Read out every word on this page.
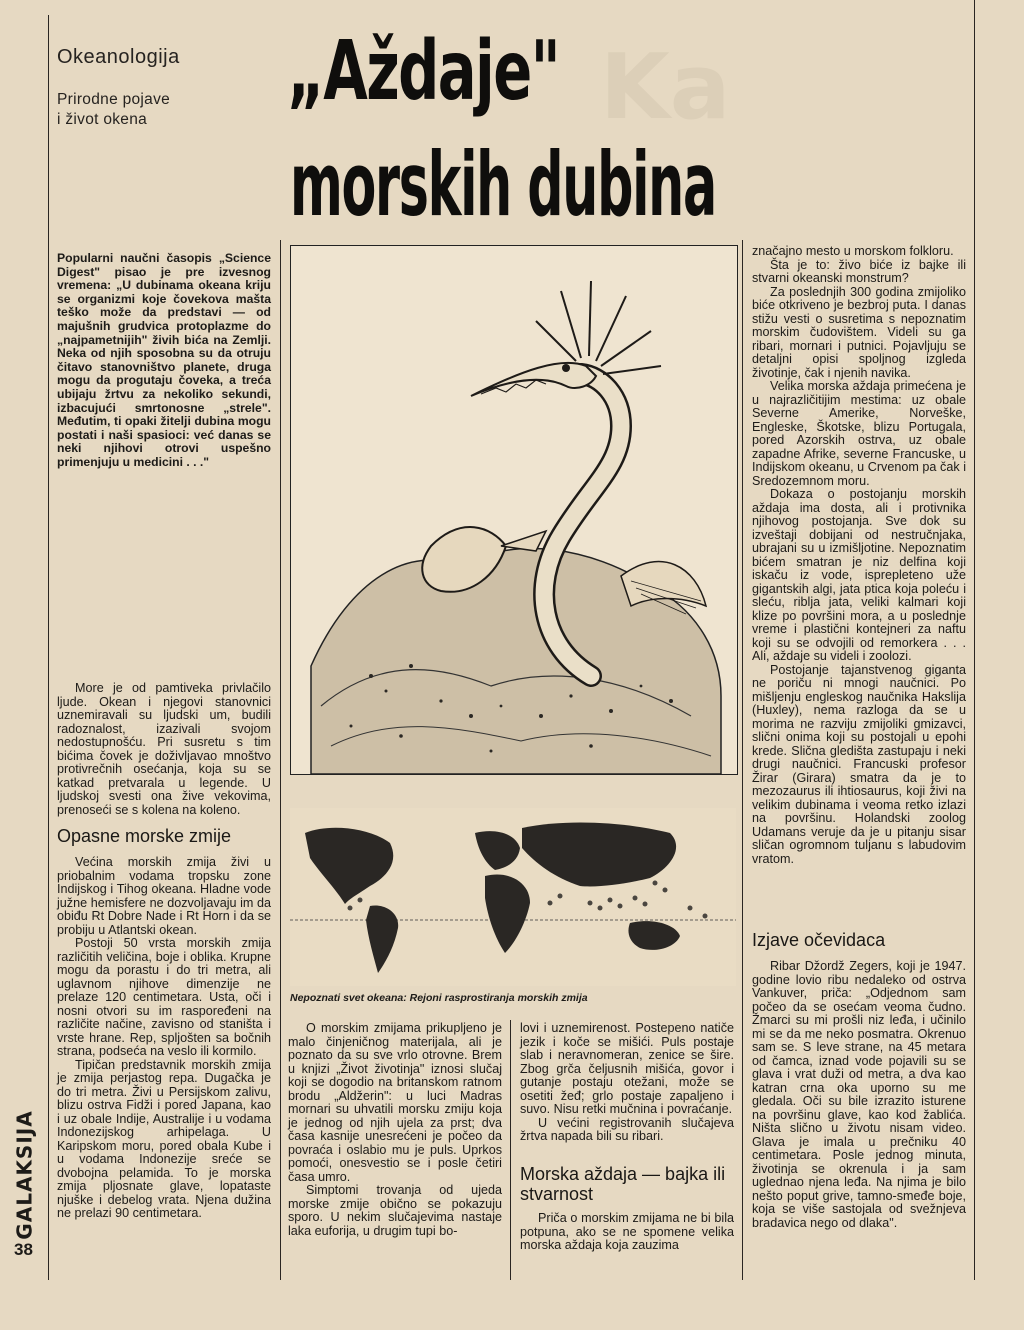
Ka
Okeanologija
Prirodne pojave
i život okena
„Aždaje"
morskih dubina
Popularni naučni časopis „Science Digest" pisao je pre izvesnog vremena: „U dubinama okeana kriju se organizmi koje čovekova mašta teško može da predstavi — od majušnih grudvica protoplazme do „najpametnijih" živih bića na Zemlji. Neka od njih sposobna su da otruju čitavo stanovništvo planete, druga mogu da progutaju čoveka, a treća ubijaju žrtvu za nekoliko sekundi, izbacujući smrtonosne „strele". Međutim, ti opaki žitelji dubina mogu postati i naši spasioci: već danas se neki njihovi otrovi uspešno primenjuju u medicini . . ."

More je od pamtiveka privlačilo ljude. Okean i njegovi stanovnici uznemiravali su ljudski um, budili radoznalost, izazivali svojom nedostupnošću. Pri susretu s tim bićima čovek je doživljavao mnoštvo protivrečnih osećanja, koja su se katkad pretvarala u legende. U ljudskoj svesti ona žive vekovima, prenoseći se s kolena na koleno.

Opasne morske zmije

Većina morskih zmija živi u priobalnim vodama tropsku zone Indijskog i Tihog okeana. Hladne vode južne hemisfere ne dozvoljavaju im da obiđu Rt Dobre Nade i Rt Horn i da se probiju u Atlantski okean.

Postoji 50 vrsta morskih zmija različitih veličina, boje i oblika. Krupne mogu da porastu i do tri metra, ali uglavnom njihove dimenzije ne prelaze 120 centimetara. Usta, oči i nosni otvori su im raspoređeni na različite načine, zavisno od staništa i vrste hrane. Rep, spljošten sa bočnih strana, podseća na veslo ili kormilo.

Tipičan predstavnik morskih zmija je zmija perjastog repa. Dugačka je do tri metra. Živi u Persijskom zalivu, blizu ostrva Fidži i pored Japana, kao i uz obale Indije, Australije i u vodama Indonezijskog arhipelaga. U Karipskom moru, pored obala Kube i u vodama Indonezije sreće se dvobojna pelamida. To je morska zmija pljosnate glave, lopataste njuške i debelog vrata. Njena dužina ne prelazi 90 centimetara.

Nepoznati svet okeana: Rejoni rasprostiranja morskih zmija

O morskim zmijama prikupljeno je malo činjeničnog materijala, ali je poznato da su sve vrlo otrovne. Brem u knjizi „Život životinja" iznosi slučaj koji se dogodio na britanskom ratnom brodu „Aldžerin": u luci Madras mornari su uhvatili morsku zmiju koja je jednog od njih ujela za prst; dva časa kasnije unesrećeni je počeo da povraća i oslabio mu je puls. Uprkos pomoći, onesvestio se i posle četiri časa umro.

Simptomi trovanja od ujeda morske zmije obično se pokazuju sporo. U nekim slučajevima nastaje laka euforija, u drugim tupi bo-

lovi i uznemirenost. Postepeno natiče jezik i koče se mišići. Puls postaje slab i neravnomeran, zenice se šire. Zbog grča čeljusnih mišića, govor i gutanje postaju otežani, može se osetiti žeđ; grlo postaje zapaljeno i suvo. Nisu retki mučnina i povraćanje.

U većini registrovanih slučajeva žrtva napada bili su ribari.

Morska aždaja — bajka ili stvarnost

Priča o morskim zmijama ne bi bila potpuna, ako se ne spomene velika morska aždaja koja zauzima

značajno mesto u morskom folkloru.

Šta je to: živo biće iz bajke ili stvarni okeanski monstrum?

Za poslednjih 300 godina zmijoliko biće otkriveno je bezbroj puta. I danas stižu vesti o susretima s nepoznatim morskim čudovištem. Videli su ga ribari, mornari i putnici. Pojavljuju se detaljni opisi spoljnog izgleda životinje, čak i njenih navika.

Velika morska aždaja primećena je u najrazličitijim mestima: uz obale Severne Amerike, Norveške, Engleske, Škotske, blizu Portugala, pored Azorskih ostrva, uz obale zapadne Afrike, severne Francuske, u Indijskom okeanu, u Crvenom pa čak i Sredozemnom moru.

Dokaza o postojanju morskih aždaja ima dosta, ali i protivnika njihovog postojanja. Sve dok su izveštaji dobijani od nestručnjaka, ubrajani su u izmišljotine. Nepoznatim bićem smatran je niz delfina koji iskaču iz vode, isprepleteno uže gigantskih algi, jata ptica koja poleću i sleću, riblja jata, veliki kalmari koji klize po površini mora, a u poslednje vreme i plastični kontejneri za naftu koji su se odvojili od remorkera . . . Ali, aždaje su videli i zoolozi.

Postojanje tajanstvenog giganta ne poriču ni mnogi naučnici. Po mišljenju engleskog naučnika Hakslija (Huxley), nema razloga da se u morima ne razviju zmijoliki gmizavci, slični onima koji su postojali u epohi krede. Slična gledišta zastupaju i neki drugi naučnici. Francuski profesor Žirar (Girara) smatra da je to mezozaurus ili ihtiosaurus, koji živi na velikim dubinama i veoma retko izlazi na površinu. Holandski zoolog Udamans veruje da je u pitanju sisar sličan ogromnom tuljanu s labudovim vratom.

Izjave očevidaca

Ribar Džordž Zegers, koji je 1947. godine lovio ribu nedaleko od ostrva Vankuver, priča: „Odjednom sam počeo da se osećam veoma čudno. Žmarci su mi prošli niz leđa, i učinilo mi se da me neko posmatra. Okrenuo sam se. S leve strane, na 45 metara od čamca, iznad vode pojavili su se glava i vrat duži od metra, a dva kao katran crna oka uporno su me gledala. Oči su bile izrazito isturene na površinu glave, kao kod žablića. Ništa slično u životu nisam video. Glava je imala u prečniku 40 centimetara. Posle jednog minuta, životinja se okrenula i ja sam uglednao njena leđa. Na njima je bilo nešto poput grive, tamno-smeđe boje, koja se više sastojala od svežnjeva bradavica nego od dlaka".

GALAKSIJA
38
